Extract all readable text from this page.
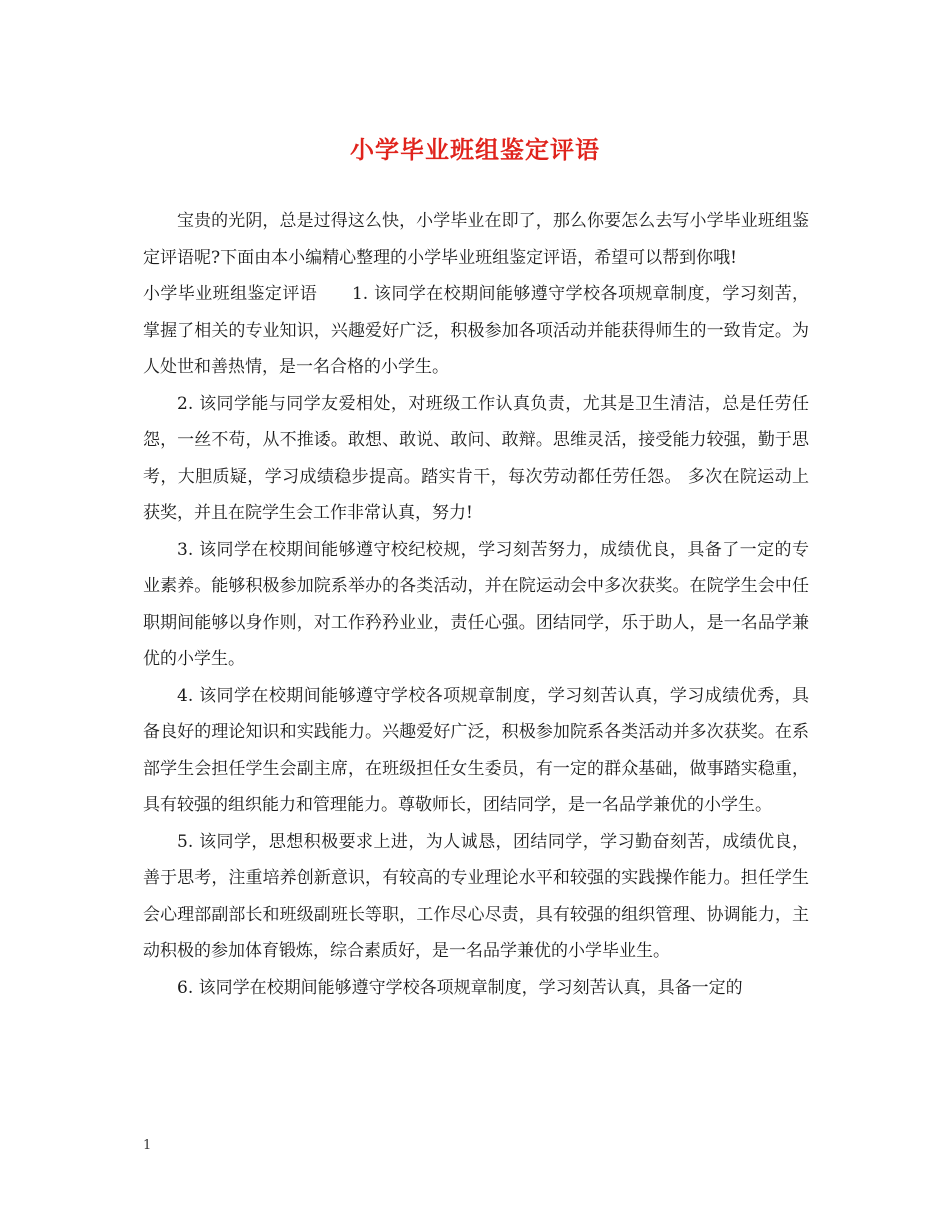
小学毕业班组鉴定评语

宝贵的光阴，总是过得这么快，小学毕业在即了，那么你要怎么去写小学毕业班组鉴定评语呢?下面由本小编精心整理的小学毕业班组鉴定评语，希望可以帮到你哦!

小学毕业班组鉴定评语　　1. 该同学在校期间能够遵守学校各项规章制度，学习刻苦，掌握了相关的专业知识，兴趣爱好广泛，积极参加各项活动并能获得师生的一致肯定。为人处世和善热情，是一名合格的小学生。

2. 该同学能与同学友爱相处，对班级工作认真负责，尤其是卫生清洁，总是任劳任怨，一丝不苟，从不推诿。敢想、敢说、敢问、敢辩。思维灵活，接受能力较强，勤于思考，大胆质疑，学习成绩稳步提高。踏实肯干，每次劳动都任劳任怨。 多次在院运动上获奖，并且在院学生会工作非常认真，努力!

3. 该同学在校期间能够遵守校纪校规，学习刻苦努力，成绩优良，具备了一定的专业素养。能够积极参加院系举办的各类活动，并在院运动会中多次获奖。在院学生会中任职期间能够以身作则，对工作矜矜业业，责任心强。团结同学，乐于助人，是一名品学兼优的小学生。

4. 该同学在校期间能够遵守学校各项规章制度，学习刻苦认真，学习成绩优秀，具备良好的理论知识和实践能力。兴趣爱好广泛，积极参加院系各类活动并多次获奖。在系部学生会担任学生会副主席，在班级担任女生委员，有一定的群众基础，做事踏实稳重，具有较强的组织能力和管理能力。尊敬师长，团结同学，是一名品学兼优的小学生。

5. 该同学，思想积极要求上进，为人诚恳，团结同学，学习勤奋刻苦，成绩优良，善于思考，注重培养创新意识，有较高的专业理论水平和较强的实践操作能力。担任学生会心理部副部长和班级副班长等职，工作尽心尽责，具有较强的组织管理、协调能力，主动积极的参加体育锻炼，综合素质好，是一名品学兼优的小学毕业生。

6. 该同学在校期间能够遵守学校各项规章制度，学习刻苦认真，具备一定的

1
